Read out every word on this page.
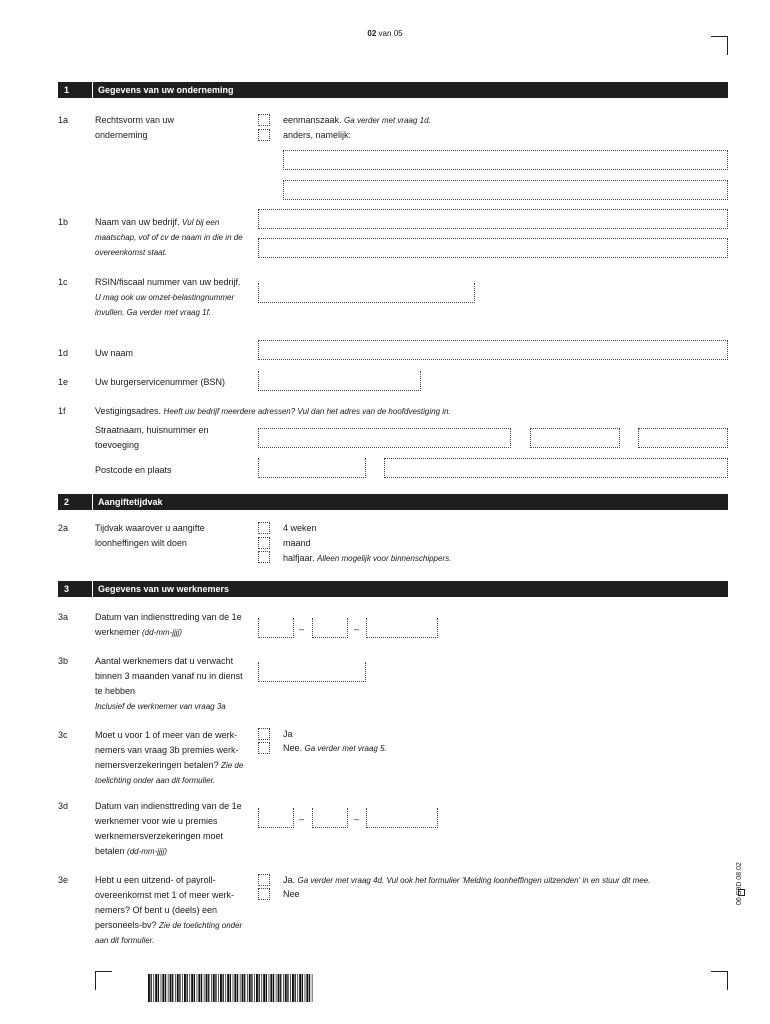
02 van 05
1	Gegevens van uw onderneming
1a	Rechtsvorm van uw onderneming
eenmanszaak. Ga verder met vraag 1d.
anders, namelijk:
1b	Naam van uw bedrijf. Vul bij een maatschap, vof of cv de naam in die in de overeenkomst staat.
1c	RSIN/fiscaal nummer van uw bedrijf. U mag ook uw omzet-belastingnummer invullen. Ga verder met vraag 1f.
1d	Uw naam
1e	Uw burgerservicenummer (BSN)
1f	Vestigingsadres. Heeft uw bedrijf meerdere adressen? Vul dan het adres van de hoofdvestiging in.
Straatnaam, huisnummer en toevoeging
Postcode en plaats
2	Aangiftetijdvak
2a	Tijdvak waarover u aangifte loonheffingen wilt doen
4 weken
maand
halfjaar. Alleen mogelijk voor binnenschippers.
3	Gegevens van uw werknemers
3a	Datum van indiensttreding van de 1e werknemer (dd-mm-jjjj)	–	–
3b	Aantal werknemers dat u verwacht binnen 3 maanden vanaf nu in dienst te hebben
Inclusief de werknemer van vraag 3a
3c	Moet u voor 1 of meer van de werk-nemers van vraag 3b premies werk-nemersverzekeringen betalen? Zie de toelichting onder aan dit formulier.
Ja
Nee. Ga verder met vraag 5.
3d	Datum van indiensttreding van de 1e werknemer voor wie u premies werknemersverzekeringen moet betalen (dd-mm-jjjj)
–	–
3e	Hebt u een uitzend- of payroll-overeenkomst met 1 of meer werk-nemers? Of bent u (deels) een personeels-bv? Zie de toelichting onder aan dit formulier.
Ja. Ga verder met vraag 4d. Vul ook het formulier 'Melding loonheffingen uitzenden' in en stuur dit mee.
Nee	06 S9D 08 02
